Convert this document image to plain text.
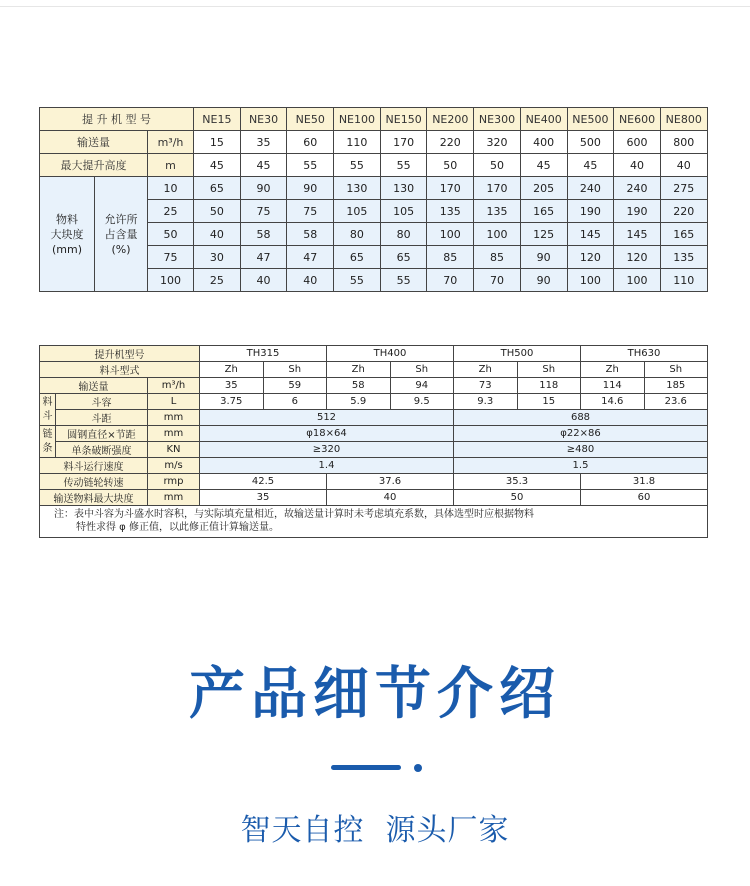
提 升 机 型 号			NE15	NE30	NE50	NE100	NE150	NE200	NE300	NE400	NE500	NE600	NE800
输送量		m³/h	15	35	60	110	170	220	320	400	500	600	800
最大提升高度		m	45	45	55	55	55	50	50	45	45	40	40
物料
大块度
(mm)	允许所
占含量
(%)	10	65	90	90	130	130	170	170	205	240	240	275
		25	50	75	75	105	105	135	135	165	190	190	220
		50	40	58	58	80	80	100	100	125	145	145	165
		75	30	47	47	65	65	85	85	90	120	120	135
		100	25	40	40	55	55	70	70	90	100	100	110
提升机型号			TH315		TH400		TH500		TH630	
料斗型式			Zh	Sh	Zh	Sh	Zh	Sh	Zh	Sh
输送量		m³/h	35	59	58	94	73	118	114	185
料
斗	斗容	L	3.75	6	5.9	9.5	9.3	15	14.6	23.6
	斗距	mm	512				688			
链
条	圆钢直径×节距	mm	φ18×64				φ22×86			
	单条破断强度	KN	≥320				≥480			
料斗运行速度		m/s	1.4				1.5			
传动链轮转速		rmp	42.5		37.6		35.3		31.8	
输送物料最大块度		mm	35		40		50		60	

注：表中斗容为斗盛水时容积，与实际填充量相近，故输送量计算时未考虑填充系数，具体选型时应根据物料
特性求得 φ 修正值，以此修正值计算输送量。										
产品细节介绍
智天自控  源头厂家
